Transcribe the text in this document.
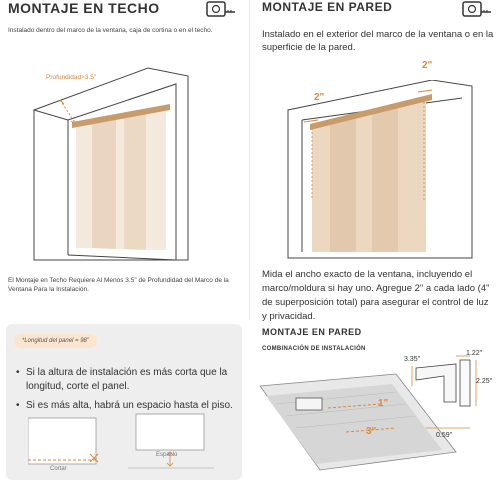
MONTAJE EN TECHO
Instalado dentro del marco de la ventana, caja de cortina o en el techo.
Profundidad>3.5"
El Montaje en Techo Requiere Al Menos 3.5" de Profundidad del Marco de la Ventana Para la Instalación.
MONTAJE EN PARED
Instalado en el exterior del marco de la ventana o en la superficie de la pared.
2"
2"
Mida el ancho exacto de la ventana, incluyendo el marco/moldura si hay uno. Agregue 2" a cada lado (4" de superposición total) para asegurar el control de luz y privacidad.
*Longitud del panel = 98"
• Si la altura de instalación es más corta que la longitud, corte el panel.
• Si es más alta, habrá un espacio hasta el piso.
Cortar
Espacio
MONTAJE EN PARED
COMBINACIÓN DE INSTALACIÓN
3.35"
1.22"
2.25"
1"
3"	0.59"
